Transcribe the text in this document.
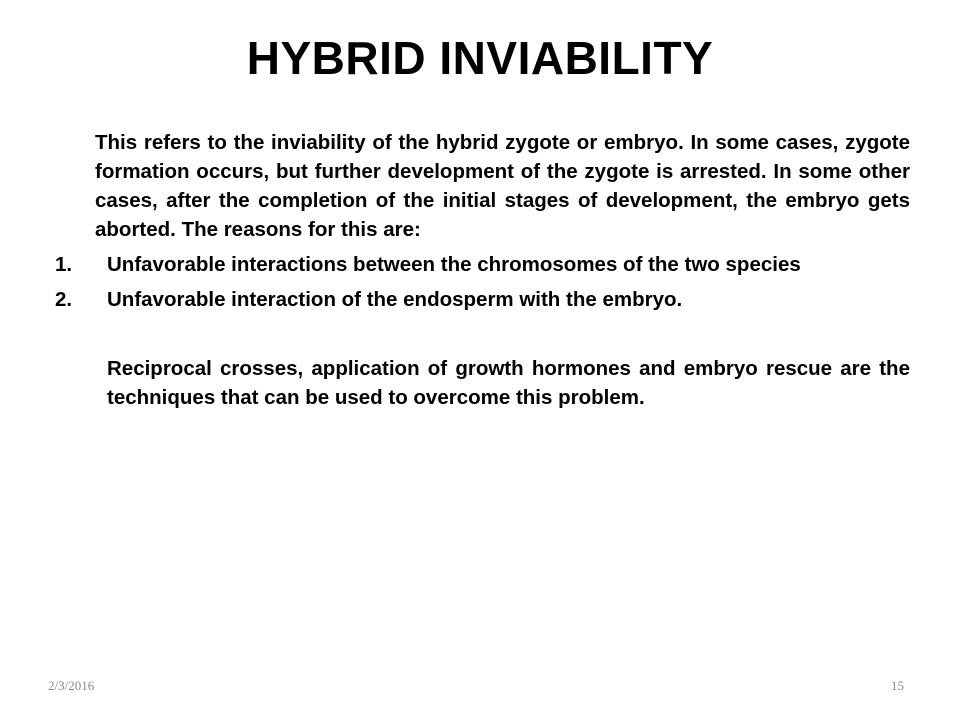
HYBRID INVIABILITY

This refers to the inviability of the hybrid zygote or embryo. In some cases, zygote formation occurs, but further development of the zygote is arrested. In some other cases, after the completion of the initial stages of development, the embryo gets aborted. The reasons for this are:

1.	Unfavorable interactions between the chromosomes of the two species
2.	Unfavorable interaction of the endosperm with the embryo.

Reciprocal crosses, application of growth hormones and embryo rescue are the techniques that can be used to overcome this problem.

2/3/2016	15
